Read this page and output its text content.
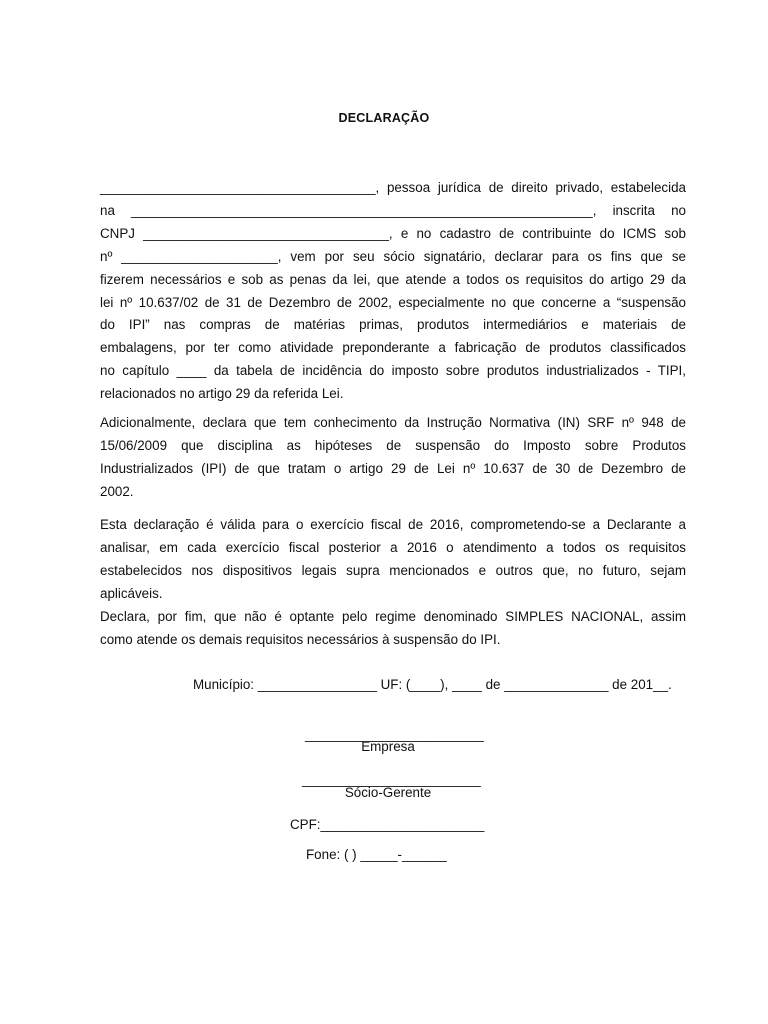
DECLARAÇÃO
_____________________________________, pessoa jurídica de direito privado, estabelecida
na ______________________________________________________________, inscrita no
CNPJ _________________________________, e no cadastro de contribuinte do ICMS sob
nº _____________________, vem por seu sócio signatário, declarar para os fins que se
fizerem necessários e sob as penas da lei, que atende a todos os requisitos do artigo 29 da
lei nº 10.637/02 de 31 de Dezembro de 2002, especialmente no que concerne a “suspensão
do IPI” nas compras de matérias primas, produtos intermediários e materiais de
embalagens, por ter como atividade preponderante a fabricação de produtos classificados
no capítulo ____ da tabela de incidência do imposto sobre produtos industrializados - TIPI,
relacionados no artigo 29 da referida Lei.
Adicionalmente, declara que tem conhecimento da Instrução Normativa (IN) SRF nº 948 de
15/06/2009 que disciplina as hipóteses de suspensão do Imposto sobre Produtos
Industrializados (IPI) de que tratam o artigo 29 de Lei nº 10.637 de 30 de Dezembro de
2002.
Esta declaração é válida para o exercício fiscal de 2016, comprometendo-se a Declarante a
analisar, em cada exercício fiscal posterior a 2016 o atendimento a todos os requisitos
estabelecidos nos dispositivos legais supra mencionados e outros que, no futuro, sejam
aplicáveis.
Declara, por fim, que não é optante pelo regime denominado SIMPLES NACIONAL, assim
como atende os demais requisitos necessários à suspensão do IPI.
Município: ________________ UF: (____), ____ de ______________ de 201__.
________________________
Empresa
________________________
Sócio-Gerente
CPF:______________________
Fone: ( ) _____-______
